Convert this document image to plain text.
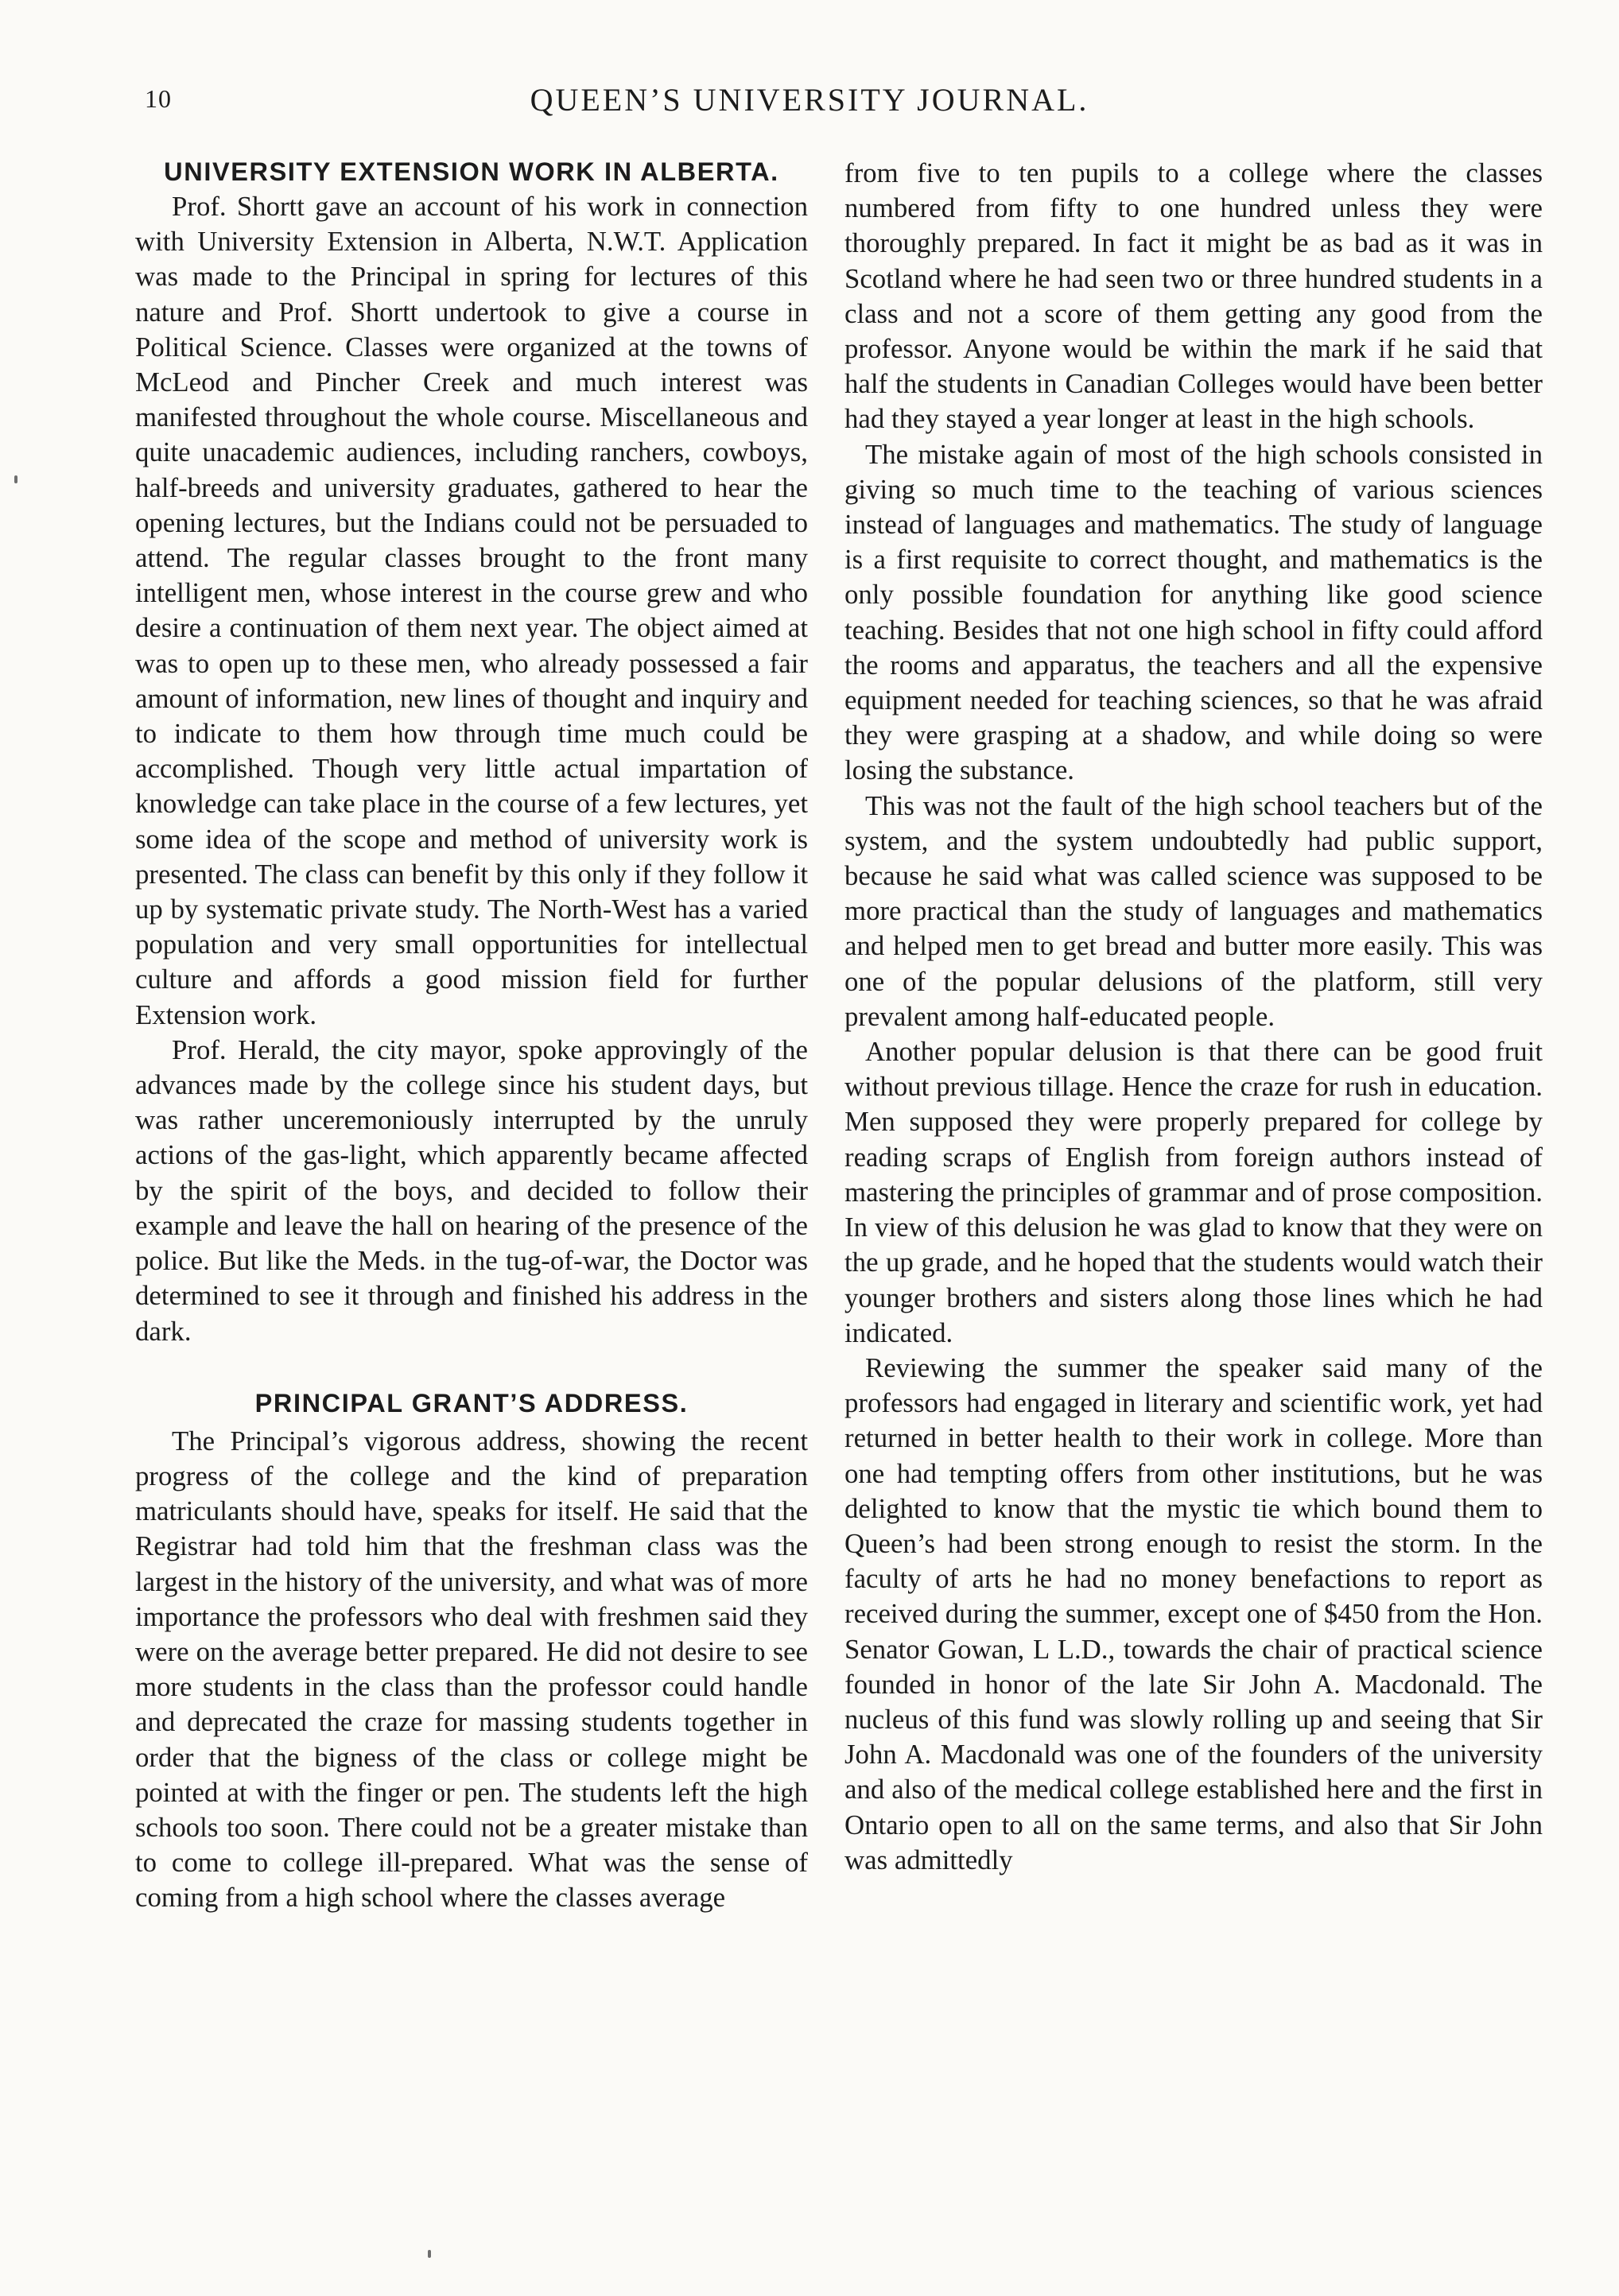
10	QUEEN’S UNIVERSITY JOURNAL.
UNIVERSITY EXTENSION WORK IN ALBERTA.

Prof. Shortt gave an account of his work in connection with University Extension in Alberta, N.W.T. Application was made to the Principal in spring for lectures of this nature and Prof. Shortt undertook to give a course in Political Science. Classes were organized at the towns of McLeod and Pincher Creek and much interest was manifested throughout the whole course. Miscellaneous and quite unacademic audiences, including ranchers, cowboys, half-breeds and university graduates, gathered to hear the opening lectures, but the Indians could not be persuaded to attend. The regular classes brought to the front many intelligent men, whose interest in the course grew and who desire a continuation of them next year. The object aimed at was to open up to these men, who already possessed a fair amount of information, new lines of thought and inquiry and to indicate to them how through time much could be accomplished. Though very little actual impartation of knowledge can take place in the course of a few lectures, yet some idea of the scope and method of university work is presented. The class can benefit by this only if they follow it up by systematic private study. The North-West has a varied population and very small opportunities for intellectual culture and affords a good mission field for further Extension work.

Prof. Herald, the city mayor, spoke approvingly of the advances made by the college since his student days, but was rather unceremoniously interrupted by the unruly actions of the gas-light, which apparently became affected by the spirit of the boys, and decided to follow their example and leave the hall on hearing of the presence of the police. But like the Meds. in the tug-of-war, the Doctor was determined to see it through and finished his address in the dark.

PRINCIPAL GRANT’S ADDRESS.

The Principal’s vigorous address, showing the recent progress of the college and the kind of preparation matriculants should have, speaks for itself. He said that the Registrar had told him that the freshman class was the largest in the history of the university, and what was of more importance the professors who deal with freshmen said they were on the average better prepared. He did not desire to see more students in the class than the professor could handle and deprecated the craze for massing students together in order that the bigness of the class or college might be pointed at with the finger or pen. The students left the high schools too soon. There could not be a greater mistake than to come to college ill-prepared. What was the sense of coming from a high school where the classes average

from five to ten pupils to a college where the classes numbered from fifty to one hundred unless they were thoroughly prepared. In fact it might be as bad as it was in Scotland where he had seen two or three hundred students in a class and not a score of them getting any good from the professor. Anyone would be within the mark if he said that half the students in Canadian Colleges would have been better had they stayed a year longer at least in the high schools.

The mistake again of most of the high schools consisted in giving so much time to the teaching of various sciences instead of languages and mathematics. The study of language is a first requisite to correct thought, and mathematics is the only possible foundation for anything like good science teaching. Besides that not one high school in fifty could afford the rooms and apparatus, the teachers and all the expensive equipment needed for teaching sciences, so that he was afraid they were grasping at a shadow, and while doing so were losing the substance.

This was not the fault of the high school teachers but of the system, and the system undoubtedly had public support, because he said what was called science was supposed to be more practical than the study of languages and mathematics and helped men to get bread and butter more easily. This was one of the popular delusions of the platform, still very prevalent among half-educated people.

Another popular delusion is that there can be good fruit without previous tillage. Hence the craze for rush in education. Men supposed they were properly prepared for college by reading scraps of English from foreign authors instead of mastering the principles of grammar and of prose composition. In view of this delusion he was glad to know that they were on the up grade, and he hoped that the students would watch their younger brothers and sisters along those lines which he had indicated.

Reviewing the summer the speaker said many of the professors had engaged in literary and scientific work, yet had returned in better health to their work in college. More than one had tempting offers from other institutions, but he was delighted to know that the mystic tie which bound them to Queen’s had been strong enough to resist the storm. In the faculty of arts he had no money benefactions to report as received during the summer, except one of $450 from the Hon. Senator Gowan, L L.D., towards the chair of practical science founded in honor of the late Sir John A. Macdonald. The nucleus of this fund was slowly rolling up and seeing that Sir John A. Macdonald was one of the founders of the university and also of the medical college established here and the first in Ontario open to all on the same terms, and also that Sir John was admittedly
